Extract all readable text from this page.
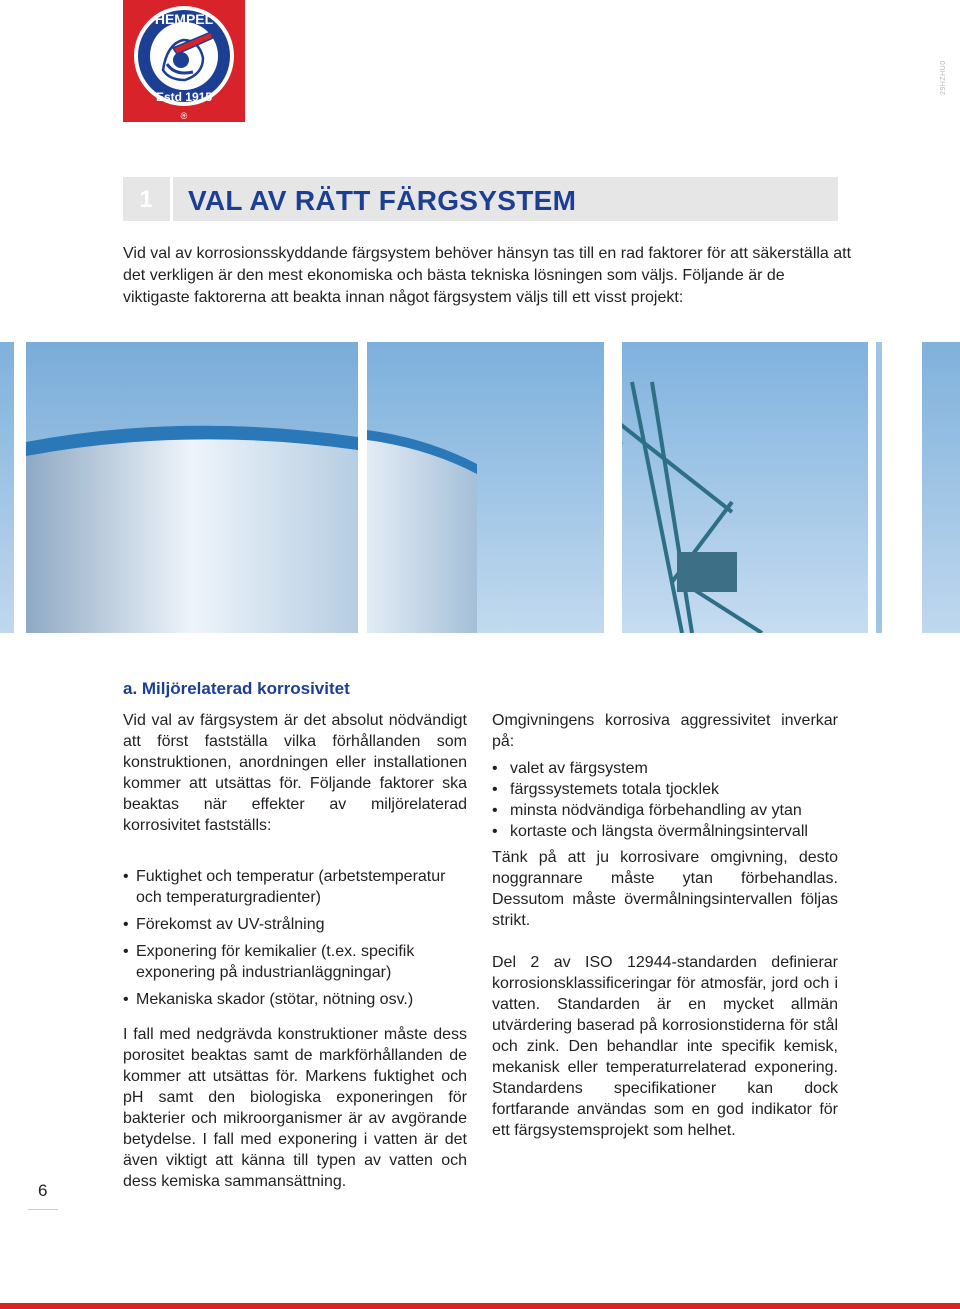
HEMPEL
Estd 1915
®
29HZHU0
1	VAL AV RÄTT FÄRGSYSTEM
Vid val av korrosionsskyddande färgsystem behöver hänsyn tas till en rad faktorer för att säkerställa att det verkligen är den mest ekonomiska och bästa tekniska lösningen som väljs. Följande är de viktigaste faktorerna att beakta innan något färgsystem väljs till ett visst projekt:
a. Miljörelaterad korrosivitet

Vid val av färgsystem är det absolut nödvändigt att först fastställa vilka förhållanden som konstruktionen, anordningen eller installationen kommer att utsättas för. Följande faktorer ska beaktas när effekter av miljörelaterad korrosivitet fastställs:

• Fuktighet och temperatur (arbetstemperatur och temperaturgradienter)
• Förekomst av UV-strålning
• Exponering för kemikalier (t.ex. specifik exponering på industrianläggningar)
• Mekaniska skador (stötar, nötning osv.)

I fall med nedgrävda konstruktioner måste dess porositet beaktas samt de markförhållanden de kommer att utsättas för. Markens fuktighet och pH samt den biologiska exponeringen för bakterier och mikroorganismer är av avgörande betydelse. I fall med exponering i vatten är det även viktigt att känna till typen av vatten och dess kemiska sammansättning.

Omgivningens korrosiva aggressivitet inverkar på:

• valet av färgsystem
• färgssystemets totala tjocklek
• minsta nödvändiga förbehandling av ytan
• kortaste och längsta övermålningsintervall

Tänk på att ju korrosivare omgivning, desto noggrannare måste ytan förbehandlas. Dessutom måste övermålningsintervallen följas strikt.

Del 2 av ISO 12944-standarden definierar korrosionsklassificeringar för atmosfär, jord och i vatten. Standarden är en mycket allmän utvärdering baserad på korrosionstiderna för stål och zink. Den behandlar inte specifik kemisk, mekanisk eller temperaturrelaterad exponering. Standardens specifikationer kan dock fortfarande användas som en god indikator för ett färgsystemsprojekt som helhet.

6
